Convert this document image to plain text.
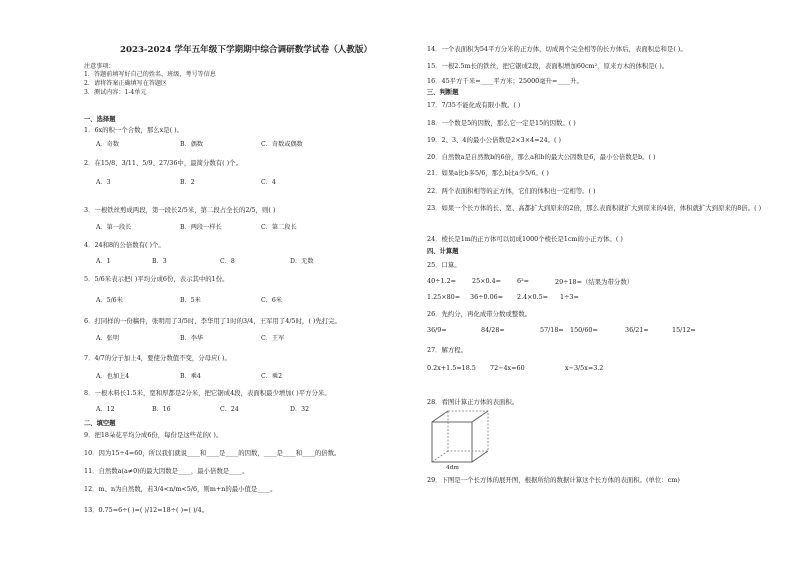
2023-2024 学年五年级下学期期中综合调研数学试卷（人教版）
注意事项：
1．答题前填写好自己的姓名、班级、考号等信息
2．请将答案正确填写在答题区
3．测试内容：1-4单元
一、选择题
1．6x的积一个合数，那么x是( )。
A．奇数	B．偶数	C．奇数或偶数
2．在15/8、3/11、5/9、27/36中，最简分数有( )个。
A．3	B．2	C．4
3．一根铁丝剪成两段，第一段长2/5米，第二段占全长的2/5，则( )
A．第一段长	B．两段一样长	C．第二段长
4．24和8的公倍数有( )个。
A．1	B．3	C．8	D．无数
5．5/6米表示把( )平均分成6份，表示其中的1份。
A．5/6米	B．5米	C．6米
6．打同样的一份稿件，张明用了3/5时，李华用了1时的3/4，王军用了4/5时，( )先打完。
A．张明	B．李华	C．王军
7．4/7的分子加上4，要使分数值不变，分母应( )。
A．也加上4	B．乘4	C．乘2
8．一根木料长1.5米，宽和厚都是2分米，把它锯成4段，表面积最少增加( )平方分米。
A．12	B．16	C．24	D．32
二、填空题
9．把18朵花平均分成6份，每份是这些花的( )。
10．因为15÷4=60，所以我们就说____和____是____的因数，____是____和____的倍数。
11．自然数a(a≠0)的最大因数是____，最小倍数是____。
12．m、n为自然数，若3/4<n/m<5/6，则m+n的最小值是____。
13．0.75=6÷( )=( )/12=18÷( )=( )/4。
14．一个表面积为54平方分米的正方体，切成两个完全相等的长方体后，表面积总和是( )。
15．一根2.5m长的铁丝，把它锯成2段，表面积增加60cm²，原来方木的体积是( )。
16．45平方千米=____平方米；25000毫升=____升。
三、判断题
17．7/35不能化成有限小数。( )
18．一个数是5的因数，那么它一定是15的因数。( )
19．2、3、4的最小公倍数是2×3×4=24。( )
20．自然数a是自然数b的6倍，那么a和b的最大公因数是6，最小公倍数是b。( )
21．如果a比b多5/6，那么b比a少5/6。( )
22．两个表面积相等的正方体，它们的体积也一定相等。( )
23．如果一个长方体的长、宽、高都扩大到原来的2倍，那么表面积就扩大到原来的4倍，体积就扩大到原来的8倍。( )
24．棱长是1m的正方体可以切成1000个棱长是1cm的小正方体。( )
四、计算题
25．口算。
40÷1.2= 25×0.4= 6²=	29÷18=（结果为带分数）
1.25×80= 36÷0.06= 2.4×0.5= 1÷3=
26．先约分，再化成带分数或整数。
36/9=	84/28=	57/18= 150/60=	36/21=	15/12=
27．解方程。
0.2x+1.5=18.5 72−4x=60	x−3/5x=3.2
28．看图计算正方体的表面积。
4dm
29．下图是一个长方体的展开图，根据所给的数据计算这个长方体的表面积。(单位：cm)
